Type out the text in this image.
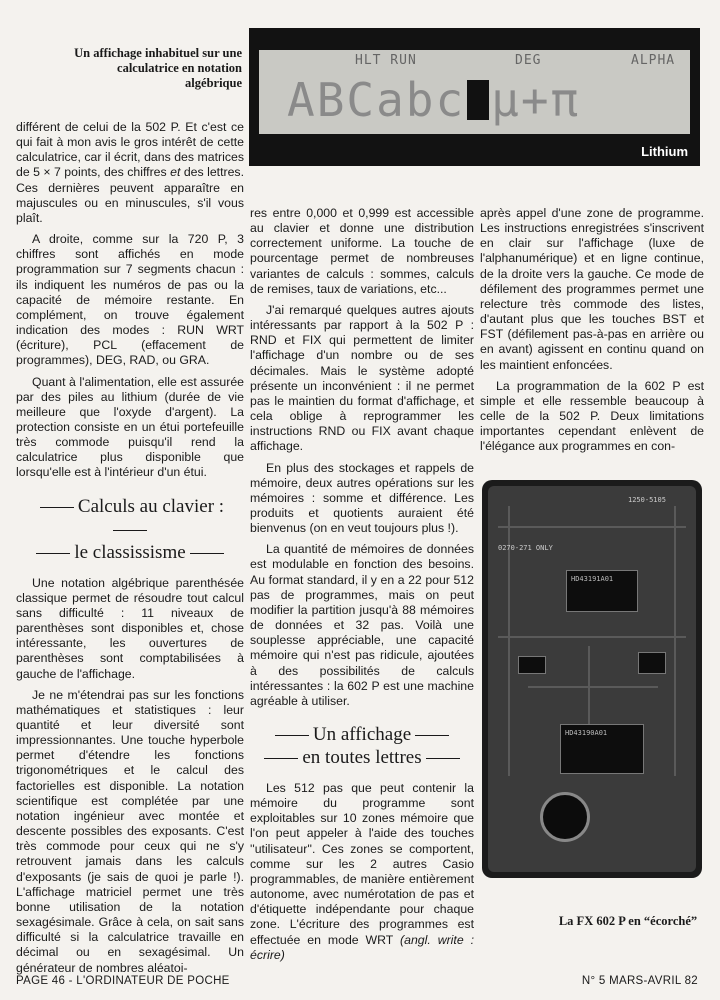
Un affichage inhabituel sur une calculatrice en notation algébrique
HLT RUN	DEG	ALPHA
ABCabc µ+π
Lithium

différent de celui de la 502 P. Et c'est ce qui fait à mon avis le gros intérêt de cette calculatrice, car il écrit, dans des matrices de 5 × 7 points, des chiffres et des lettres. Ces dernières peuvent apparaître en majuscules ou en minuscules, s'il vous plaît.

A droite, comme sur la 720 P, 3 chiffres sont affichés en mode programmation sur 7 segments chacun : ils indiquent les numéros de pas ou la capacité de mémoire restante. En complément, on trouve également indication des modes : RUN WRT (écriture), PCL (effacement de programmes), DEG, RAD, ou GRA.

Quant à l'alimentation, elle est assurée par des piles au lithium (durée de vie meilleure que l'oxyde d'argent). La protection consiste en un étui portefeuille très commode puisqu'il rend la calculatrice plus disponible que lorsqu'elle est à l'intérieur d'un étui.

Calculs au clavier :
le classissisme

Une notation algébrique parenthésée classique permet de résoudre tout calcul sans difficulté : 11 niveaux de parenthèses sont disponibles et, chose intéressante, les ouvertures de parenthèses sont comptabilisées à gauche de l'affichage.

Je ne m'étendrai pas sur les fonctions mathématiques et statistiques : leur quantité et leur diversité sont impressionnantes. Une touche hyperbole permet d'étendre les fonctions trigonométriques et le calcul des factorielles est disponible. La notation scientifique est complétée par une notation ingénieur avec montée et descente possibles des exposants. C'est très commode pour ceux qui ne s'y retrouvent jamais dans les calculs d'exposants (je sais de quoi je parle !). L'affichage matriciel permet une très bonne utilisation de la notation sexagésimale. Grâce à cela, on sait sans difficulté si la calculatrice travaille en décimal ou en sexagésimal. Un générateur de nombres aléatoi-

res entre 0,000 et 0,999 est accessible au clavier et donne une distribution correctement uniforme. La touche de pourcentage permet de nombreuses variantes de calculs : sommes, calculs de remises, taux de variations, etc...

J'ai remarqué quelques autres ajouts intéressants par rapport à la 502 P : RND et FIX qui permettent de limiter l'affichage d'un nombre ou de ses décimales. Mais le système adopté présente un inconvénient : il ne permet pas le maintien du format d'affichage, et cela oblige à reprogrammer les instructions RND ou FIX avant chaque affichage.

En plus des stockages et rappels de mémoire, deux autres opérations sur les mémoires : somme et différence. Les produits et quotients auraient été bienvenus (on en veut toujours plus !).

La quantité de mémoires de données est modulable en fonction des besoins. Au format standard, il y en a 22 pour 512 pas de programmes, mais on peut modifier la partition jusqu'à 88 mémoires de données et 32 pas. Voilà une souplesse appréciable, une capacité mémoire qui n'est pas ridicule, ajoutées à des possibilités de calculs intéressantes : la 602 P est une machine agréable à utiliser.

Un affichage
en toutes lettres

Les 512 pas que peut contenir la mémoire du programme sont exploitables sur 10 zones mémoire que l'on peut appeler à l'aide des touches ''utilisateur''. Ces zones se comportent, comme sur les 2 autres Casio programmables, de manière entièrement autonome, avec numérotation de pas et d'étiquette indépendante pour chaque zone. L'écriture des programmes est effectuée en mode WRT (angl. write : écrire)

après appel d'une zone de programme. Les instructions enregistrées s'inscrivent en clair sur l'affichage (luxe de l'alphanumérique) et en ligne continue, de la droite vers la gauche. Ce mode de défilement des programmes permet une relecture très commode des listes, d'autant plus que les touches BST et FST (défilement pas-à-pas en arrière ou en avant) agissent en continu quand on les maintient enfoncées.

La programmation de la 602 P est simple et elle ressemble beaucoup à celle de la 502 P. Deux limitations importantes cependant enlèvent de l'élégance aux programmes en con-

1250-5105
0270-271 ONLY
HD43191A01
HD43190A01
La FX 602 P en “écorché”
PAGE 46 - L'ORDINATEUR DE POCHE	N° 5 MARS-AVRIL 82
